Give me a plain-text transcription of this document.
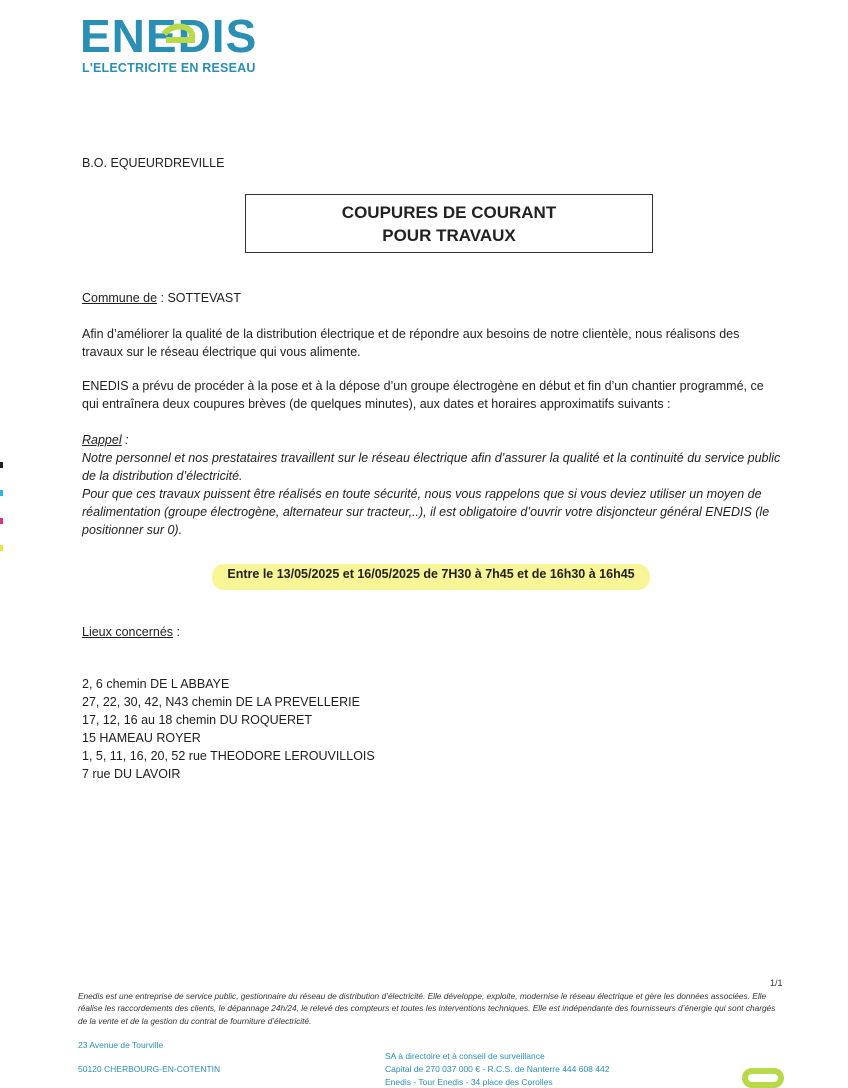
ENEDIS
L'ELECTRICITE EN RESEAU
B.O. EQUEURDREVILLE
COUPURES DE COURANT
POUR TRAVAUX
Commune de : SOTTEVAST
Afin d’améliorer la qualité de la distribution électrique et de répondre aux besoins de notre clientèle, nous réalisons des travaux sur le réseau électrique qui vous alimente.
ENEDIS a prévu de procéder à la pose et à la dépose d’un groupe électrogène en début et fin d’un chantier programmé, ce qui entraînera deux coupures brèves (de quelques minutes), aux dates et horaires approximatifs suivants :
Rappel :
Notre personnel et nos prestataires travaillent sur le réseau électrique afin d’assurer la qualité et la continuité du service public de la distribution d’électricité.
Pour que ces travaux puissent être réalisés en toute sécurité, nous vous rappelons que si vous deviez utiliser un moyen de réalimentation (groupe électrogène, alternateur sur tracteur,..), il est obligatoire d’ouvrir votre disjoncteur général ENEDIS (le positionner sur 0).
Entre le 13/05/2025 et 16/05/2025 de 7H30 à 7h45 et de 16h30 à 16h45
Lieux concernés :
2, 6 chemin DE L ABBAYE
27, 22, 30, 42, N43 chemin DE LA PREVELLERIE
17, 12, 16 au 18 chemin DU ROQUERET
15 HAMEAU ROYER
1, 5, 11, 16, 20, 52 rue THEODORE LEROUVILLOIS
7 rue DU LAVOIR
1/1
Enedis est une entreprise de service public, gestionnaire du réseau de distribution d’électricité. Elle développe, exploite, modernise le réseau électrique et gère les données associées. Elle réalise les raccordements des clients, le dépannage 24h/24, le relevé des compteurs et toutes les interventions techniques. Elle est indépendante des fournisseurs d’énergie qui sont chargés de la vente et de la gestion du contrat de fourniture d’électricité.
23 Avenue de Tourville
50120 CHERBOURG-EN-COTENTIN
SA à directoire et à conseil de surveillance
Capital de 270 037 000 € - R.C.S. de Nanterre 444 608 442
Enedis - Tour Enedis - 34 place des Corolles
